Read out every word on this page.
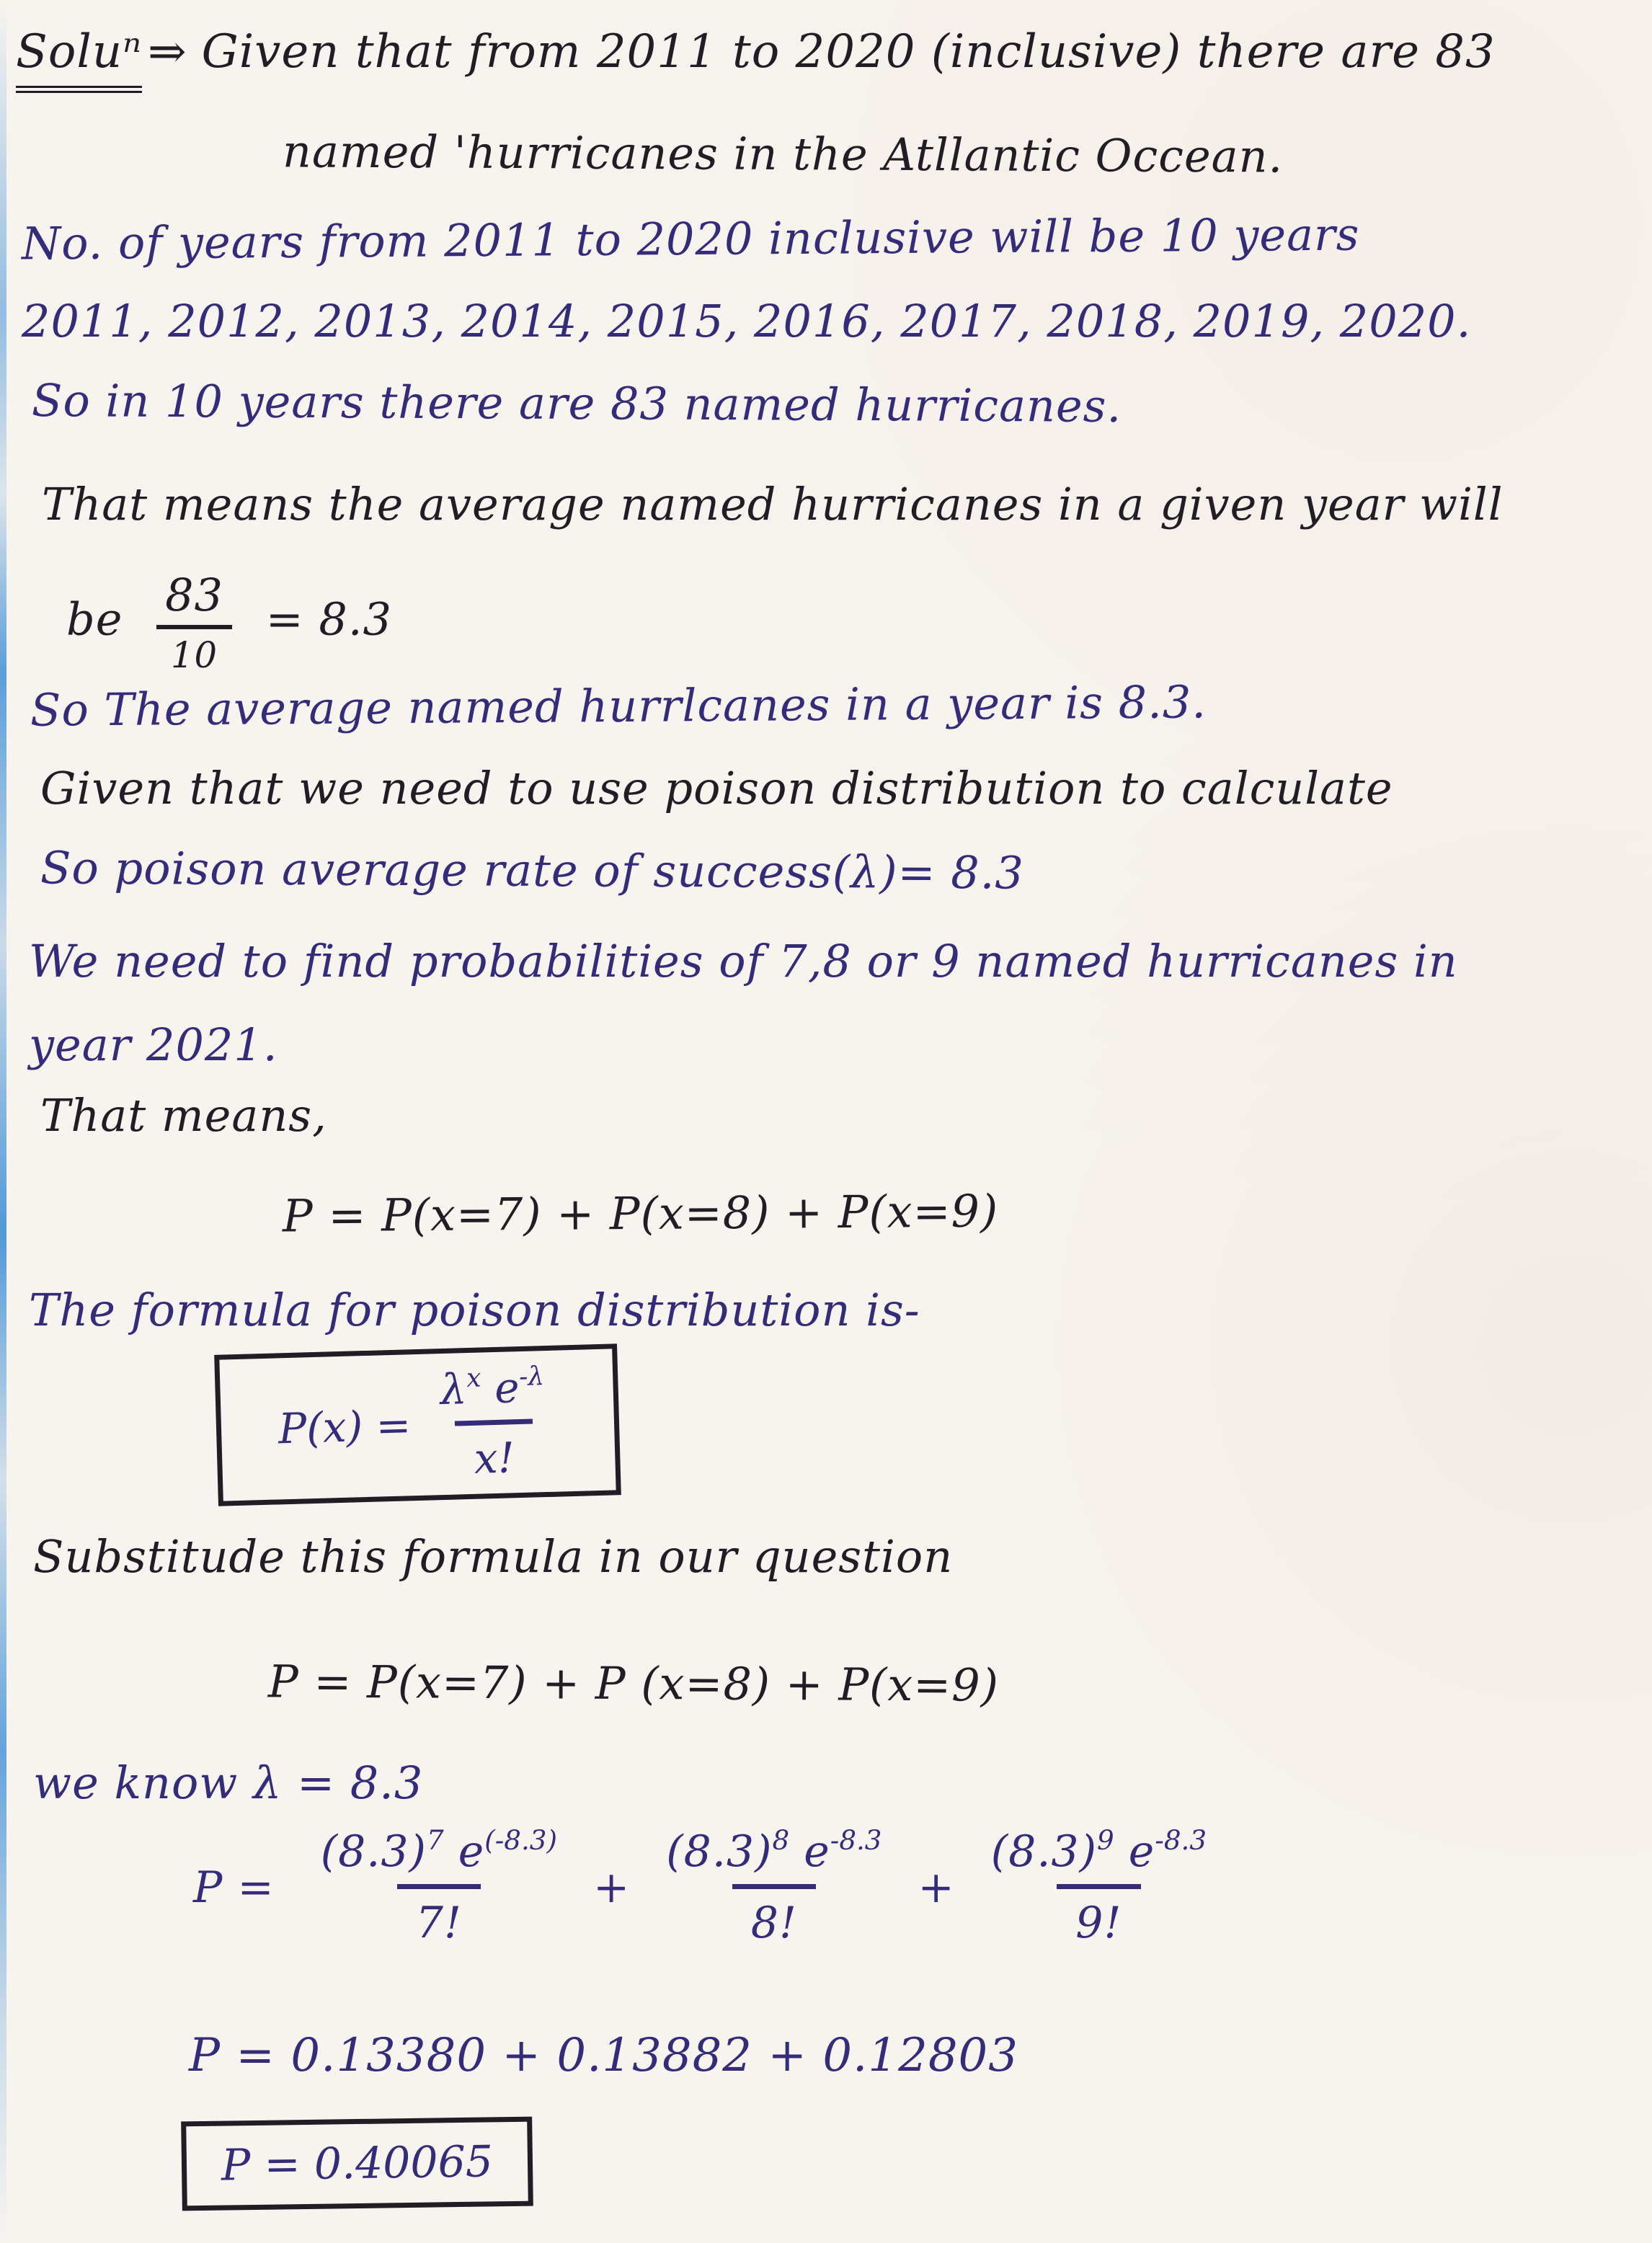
Soluⁿ ⇒ Given that from 2011 to 2020 (inclusive) there are 83
named 'hurricanes in the Atllantic Occean.
No. of years from 2011 to 2020 inclusive will be 10 years
2011, 2012, 2013, 2014, 2015, 2016, 2017, 2018, 2019, 2020.
So in 10 years there are 83 named hurricanes.
That means the average named hurricanes in a given year will
be 83
10
= 8.3
So The average named hurrlcanes in a year is 8.3.
Given that we need to use poison distribution to calculate
So poison average rate of success(λ)= 8.3
We need to find probabilities of 7,8 or 9 named hurricanes in
year 2021.
That means,
P = P(x=7) + P(x=8) + P(x=9)
The formula for poison distribution is-
$P(x) = \frac{\lambda^x e^{-\lambda}}{x!}$
Substitude this formula in our question
P = P(x=7) + P (x=8) + P(x=9)
we know λ = 8.3
$P = \frac{(8.3)^7 e^{(-8.3)}}{7!} + \frac{(8.3)^8 e^{-8.3}}{8!} + \frac{(8.3)^9 e^{-8.3}}{9!}$
P = 0.13380 + 0.13882 + 0.12803
P = 0.40065
